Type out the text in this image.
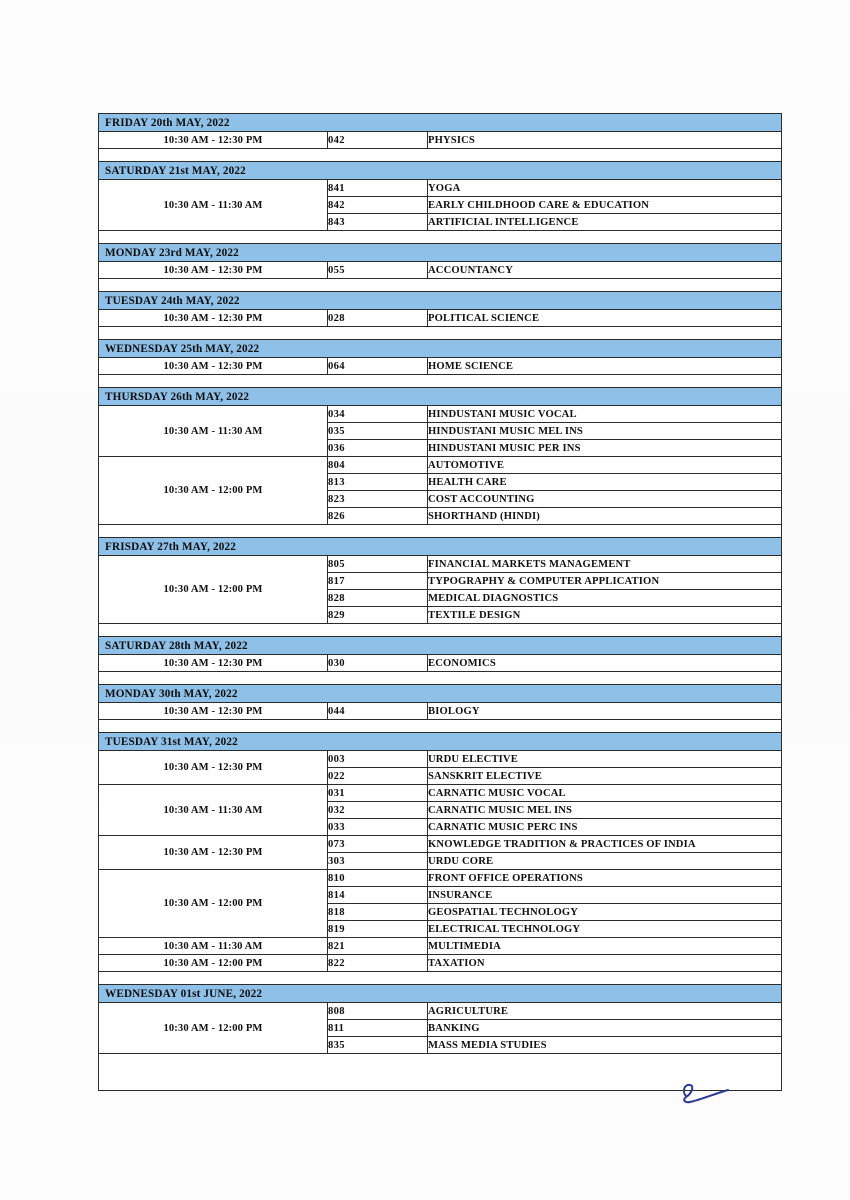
FRIDAY 20th MAY, 2022		
10:30 AM - 12:30 PM	042	PHYSICS

SATURDAY 21st MAY, 2022		
10:30 AM - 11:30 AM	841	YOGA
	842	EARLY CHILDHOOD CARE & EDUCATION
	843	ARTIFICIAL INTELLIGENCE

MONDAY 23rd MAY, 2022		
10:30 AM - 12:30 PM	055	ACCOUNTANCY

TUESDAY 24th MAY, 2022		
10:30 AM - 12:30 PM	028	POLITICAL SCIENCE

WEDNESDAY 25th MAY, 2022		
10:30 AM - 12:30 PM	064	HOME SCIENCE

THURSDAY 26th MAY, 2022		
10:30 AM - 11:30 AM	034	HINDUSTANI MUSIC VOCAL
	035	HINDUSTANI MUSIC MEL INS
	036	HINDUSTANI MUSIC PER INS
10:30 AM - 12:00 PM	804	AUTOMOTIVE
	813	HEALTH CARE
	823	COST ACCOUNTING
	826	SHORTHAND (HINDI)

FRISDAY 27th MAY, 2022		
10:30 AM - 12:00 PM	805	FINANCIAL MARKETS MANAGEMENT
	817	TYPOGRAPHY & COMPUTER APPLICATION
	828	MEDICAL DIAGNOSTICS
	829	TEXTILE DESIGN

SATURDAY 28th MAY, 2022		
10:30 AM - 12:30 PM	030	ECONOMICS

MONDAY 30th MAY, 2022		
10:30 AM - 12:30 PM	044	BIOLOGY

TUESDAY 31st MAY, 2022		
10:30 AM - 12:30 PM	003	URDU ELECTIVE
	022	SANSKRIT ELECTIVE
10:30 AM - 11:30 AM	031	CARNATIC MUSIC VOCAL
	032	CARNATIC MUSIC MEL INS
	033	CARNATIC MUSIC PERC INS
10:30 AM - 12:30 PM	073	KNOWLEDGE TRADITION & PRACTICES OF INDIA
	303	URDU CORE
10:30 AM - 12:00 PM	810	FRONT OFFICE OPERATIONS
	814	INSURANCE
	818	GEOSPATIAL TECHNOLOGY
	819	ELECTRICAL TECHNOLOGY
10:30 AM - 11:30 AM	821	MULTIMEDIA
10:30 AM - 12:00 PM	822	TAXATION

WEDNESDAY 01st JUNE, 2022		
10:30 AM - 12:00 PM	808	AGRICULTURE
	811	BANKING
	835	MASS MEDIA STUDIES
